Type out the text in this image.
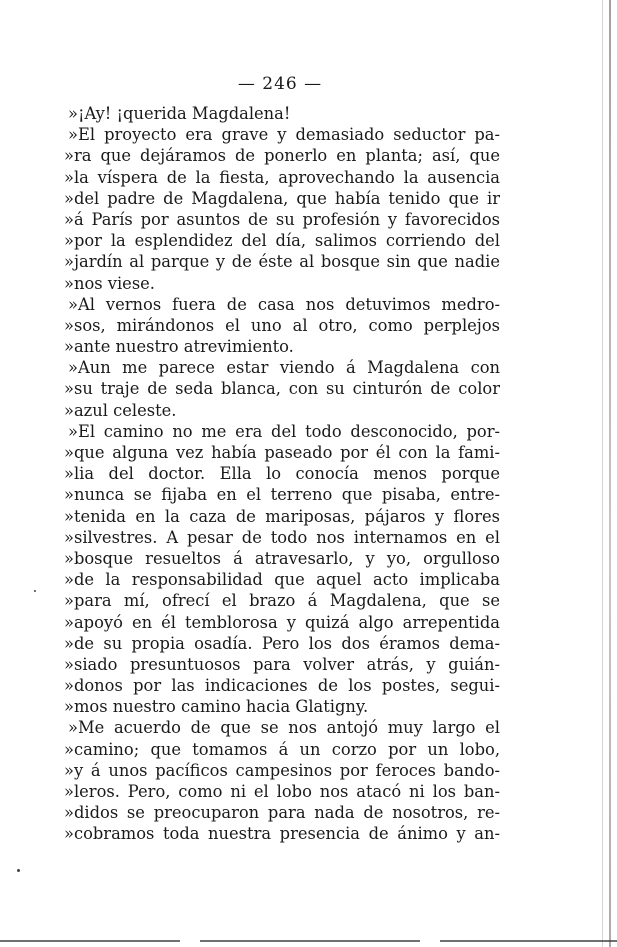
— 246 —
»¡Ay! ¡querida Magdalena!
»El proyecto era grave y demasiado seductor pa-
»ra que dejáramos de ponerlo en planta; así, que
»la víspera de la fiesta, aprovechando la ausencia
»del padre de Magdalena, que había tenido que ir
»á París por asuntos de su profesión y favorecidos
»por la esplendidez del día, salimos corriendo del
»jardín al parque y de éste al bosque sin que nadie
»nos viese.
»Al vernos fuera de casa nos detuvimos medro-
»sos, mirándonos el uno al otro, como perplejos
»ante nuestro atrevimiento.
»Aun me parece estar viendo á Magdalena con
»su traje de seda blanca, con su cinturón de color
»azul celeste.
»El camino no me era del todo desconocido, por-
»que alguna vez había paseado por él con la fami-
»lia del doctor. Ella lo conocía menos porque
»nunca se fijaba en el terreno que pisaba, entre-
»tenida en la caza de mariposas, pájaros y flores
»silvestres. A pesar de todo nos internamos en el
»bosque resueltos á atravesarlo, y yo, orgulloso
»de la responsabilidad que aquel acto implicaba
»para mí, ofrecí el brazo á Magdalena, que se
»apoyó en él temblorosa y quizá algo arrepentida
»de su propia osadía. Pero los dos éramos dema-
»siado presuntuosos para volver atrás, y guián-
»donos por las indicaciones de los postes, segui-
»mos nuestro camino hacia Glatigny.
»Me acuerdo de que se nos antojó muy largo el
»camino; que tomamos á un corzo por un lobo,
»y á unos pacíficos campesinos por feroces bando-
»leros. Pero, como ni el lobo nos atacó ni los ban-
»didos se preocuparon para nada de nosotros, re-
»cobramos toda nuestra presencia de ánimo y an-
